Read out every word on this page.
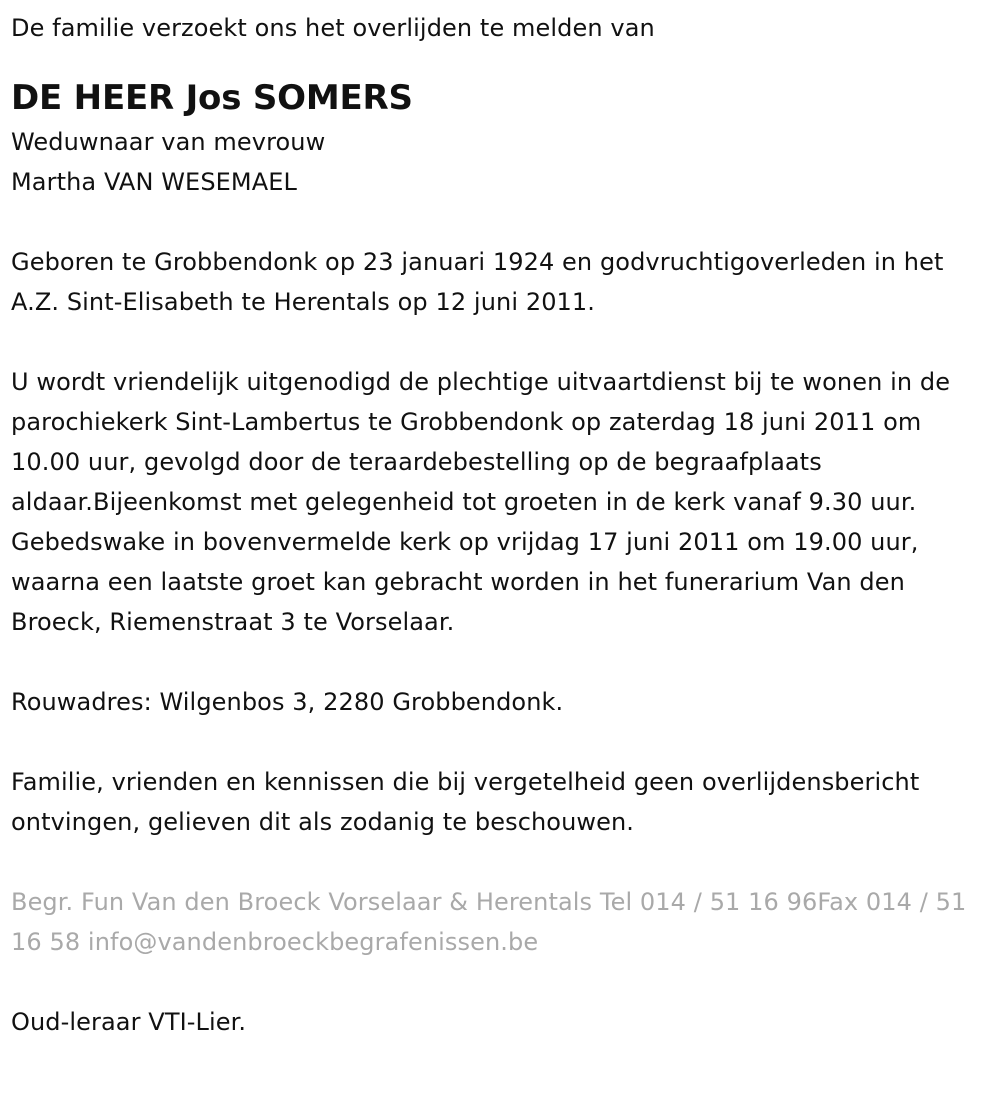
De familie verzoekt ons het overlijden te melden van

DE HEER Jos SOMERS

Weduwnaar van mevrouw

Martha VAN WESEMAEL

Geboren te Grobbendonk op 23 januari 1924 en godvruchtigoverleden in het A.Z. Sint-Elisabeth te Herentals op 12 juni 2011.

U wordt vriendelijk uitgenodigd de plechtige uitvaartdienst bij te wonen in de parochiekerk Sint-Lambertus te Grobbendonk op zaterdag 18 juni 2011 om 10.00 uur, gevolgd door de teraardebestelling op de begraafplaats aldaar.Bijeenkomst met gelegenheid tot groeten in de kerk vanaf 9.30 uur.

Gebedswake in bovenvermelde kerk op vrijdag 17 juni 2011 om 19.00 uur, waarna een laatste groet kan gebracht worden in het funerarium Van den Broeck, Riemenstraat 3 te Vorselaar.

Rouwadres: Wilgenbos 3, 2280 Grobbendonk.

Familie, vrienden en kennissen die bij vergetelheid geen overlijdensbericht ontvingen, gelieven dit als zodanig te beschouwen.

Begr. Fun Van den Broeck Vorselaar & Herentals Tel 014 / 51 16 96Fax 014 / 51 16 58 info@vandenbroeckbegrafenissen.be

Oud-leraar VTI-Lier.
